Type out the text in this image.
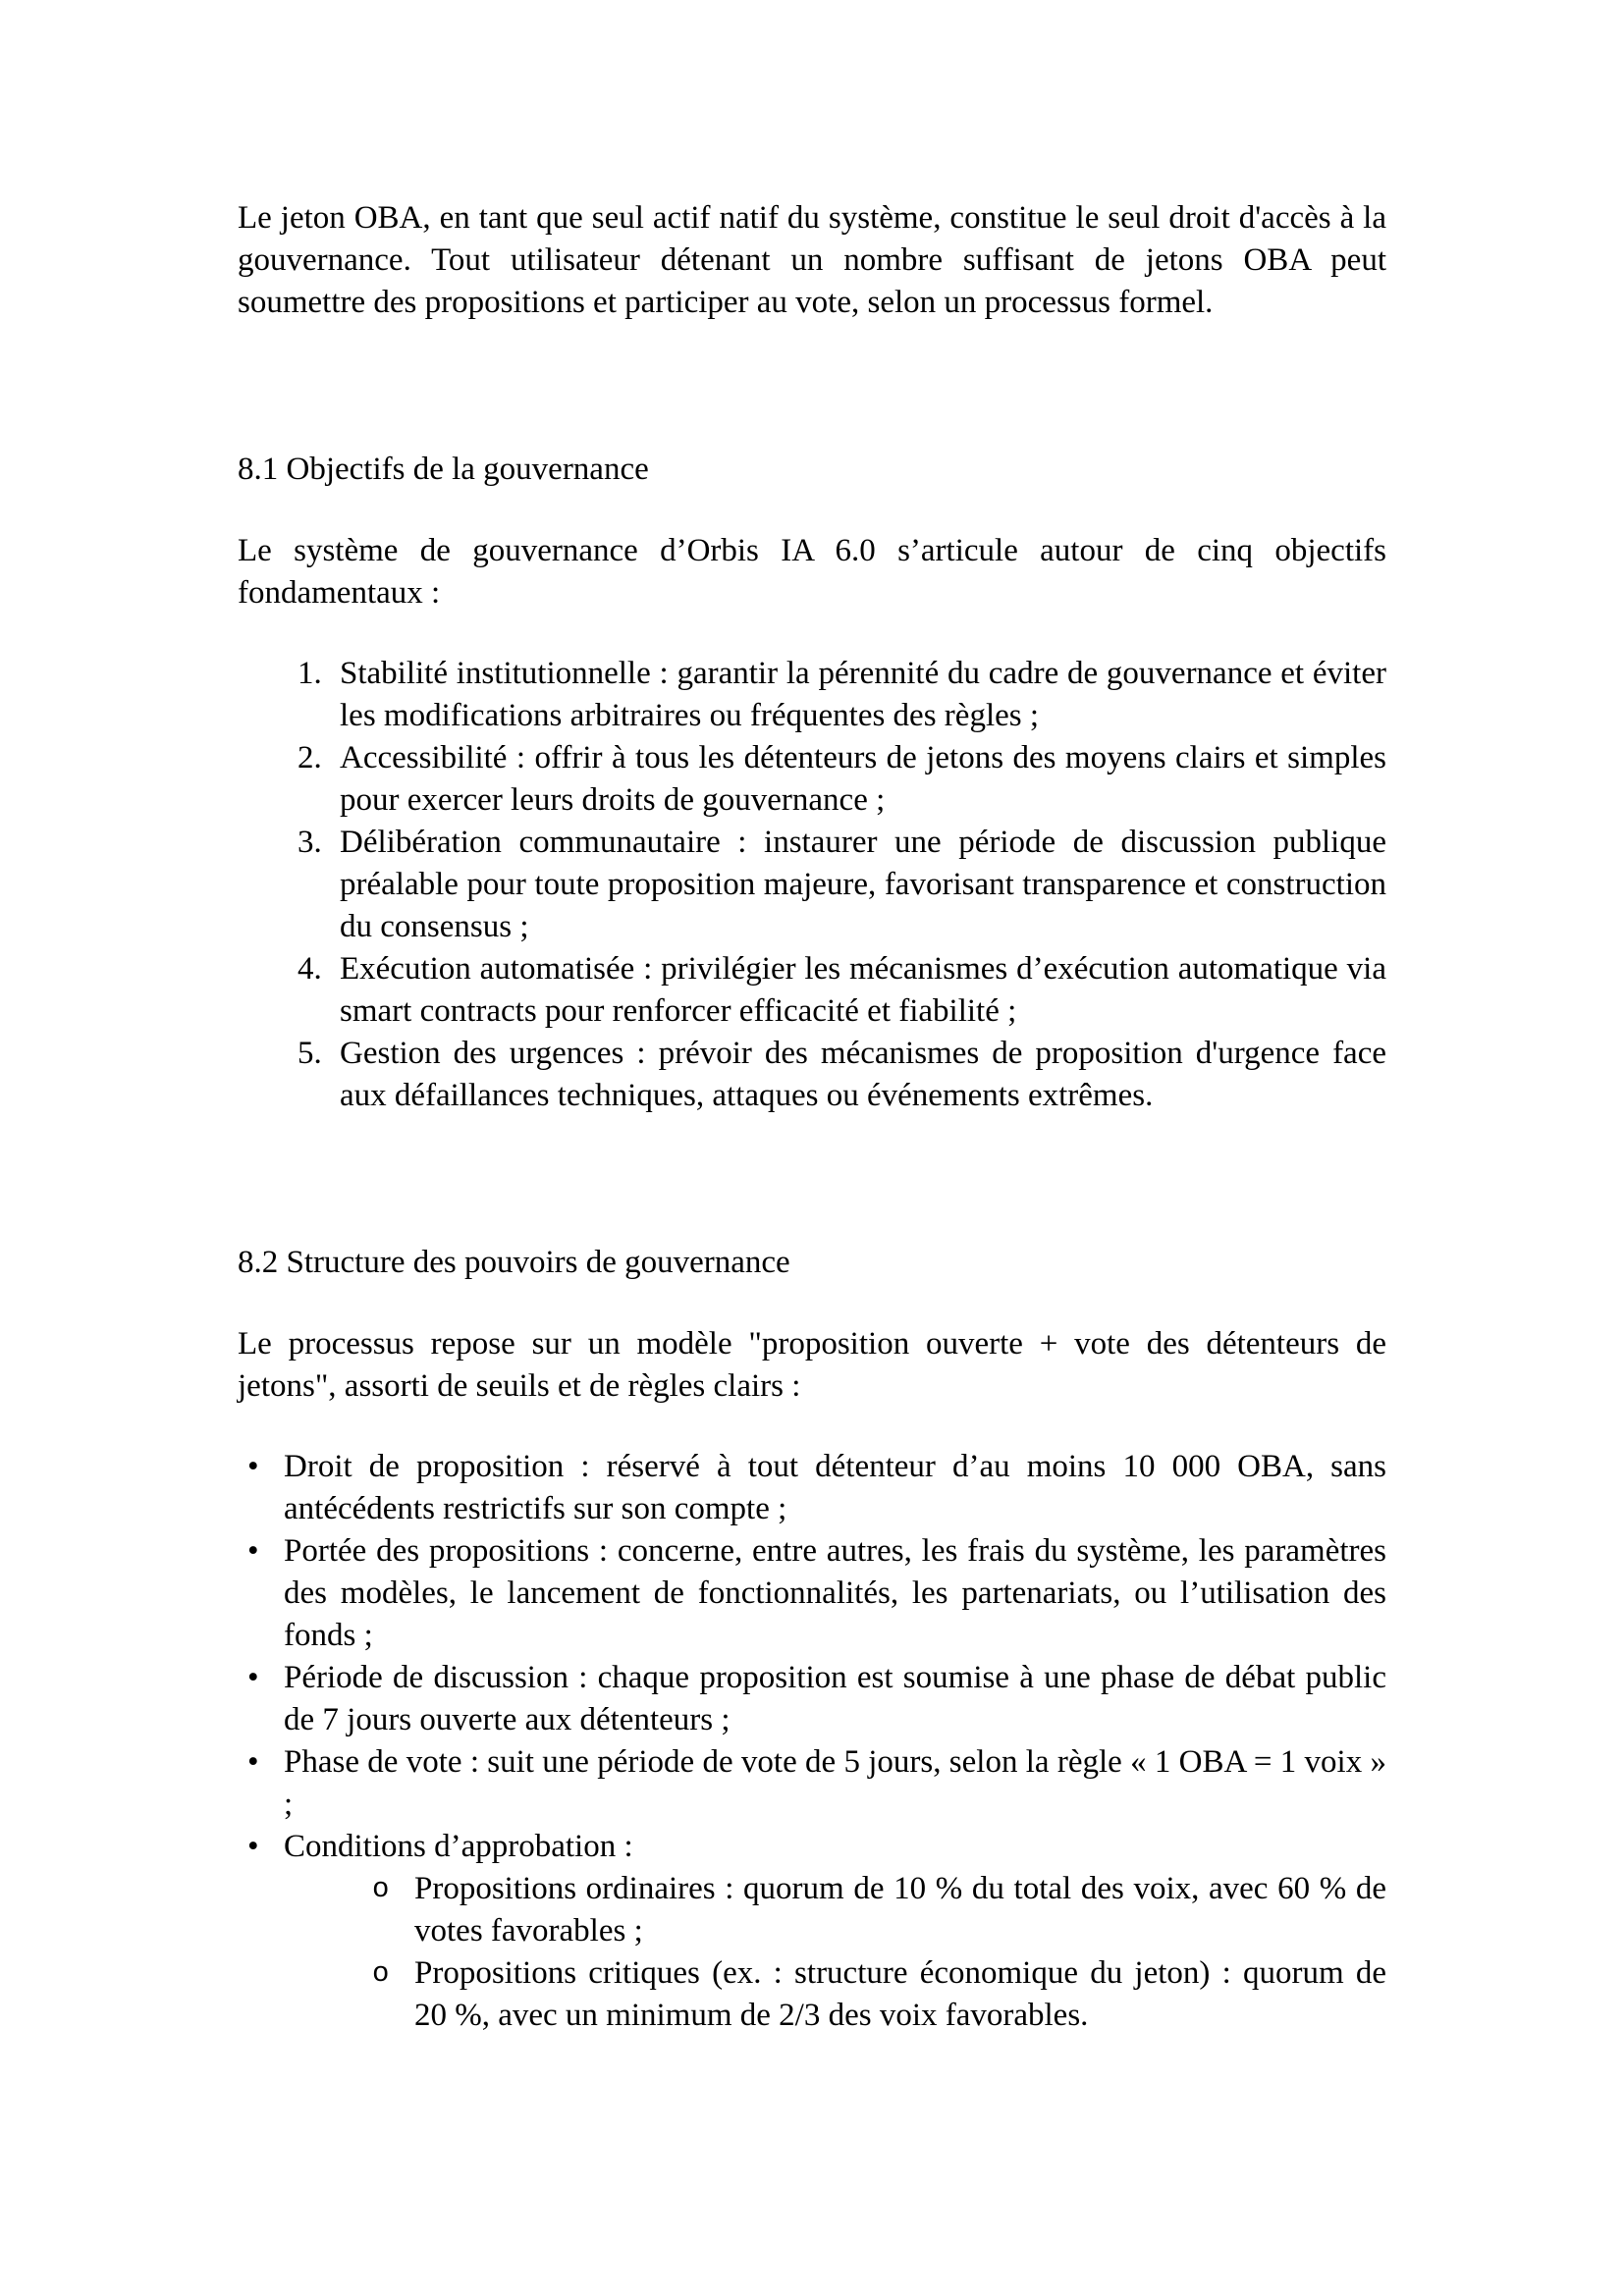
Le jeton OBA, en tant que seul actif natif du système, constitue le seul droit d'accès à la gouvernance. Tout utilisateur détenant un nombre suffisant de jetons OBA peut soumettre des propositions et participer au vote, selon un processus formel.

8.1 Objectifs de la gouvernance

Le système de gouvernance d’Orbis IA 6.0 s’articule autour de cinq objectifs fondamentaux :

1. Stabilité institutionnelle : garantir la pérennité du cadre de gouvernance et éviter les modifications arbitraires ou fréquentes des règles ;
2. Accessibilité : offrir à tous les détenteurs de jetons des moyens clairs et simples pour exercer leurs droits de gouvernance ;
3. Délibération communautaire : instaurer une période de discussion publique préalable pour toute proposition majeure, favorisant transparence et construction du consensus ;
4. Exécution automatisée : privilégier les mécanismes d’exécution automatique via smart contracts pour renforcer efficacité et fiabilité ;
5. Gestion des urgences : prévoir des mécanismes de proposition d'urgence face aux défaillances techniques, attaques ou événements extrêmes.
8.2 Structure des pouvoirs de gouvernance

Le processus repose sur un modèle "proposition ouverte + vote des détenteurs de jetons", assorti de seuils et de règles clairs :

• Droit de proposition : réservé à tout détenteur d’au moins 10 000 OBA, sans antécédents restrictifs sur son compte ;
• Portée des propositions : concerne, entre autres, les frais du système, les paramètres des modèles, le lancement de fonctionnalités, les partenariats, ou l’utilisation des fonds ;
• Période de discussion : chaque proposition est soumise à une phase de débat public de 7 jours ouverte aux détenteurs ;
• Phase de vote : suit une période de vote de 5 jours, selon la règle « 1 OBA = 1 voix » ;
• Conditions d’approbation :
o Propositions ordinaires : quorum de 10 % du total des voix, avec 60 % de votes favorables ;
o Propositions critiques (ex. : structure économique du jeton) : quorum de 20 %, avec un minimum de 2/3 des voix favorables.
